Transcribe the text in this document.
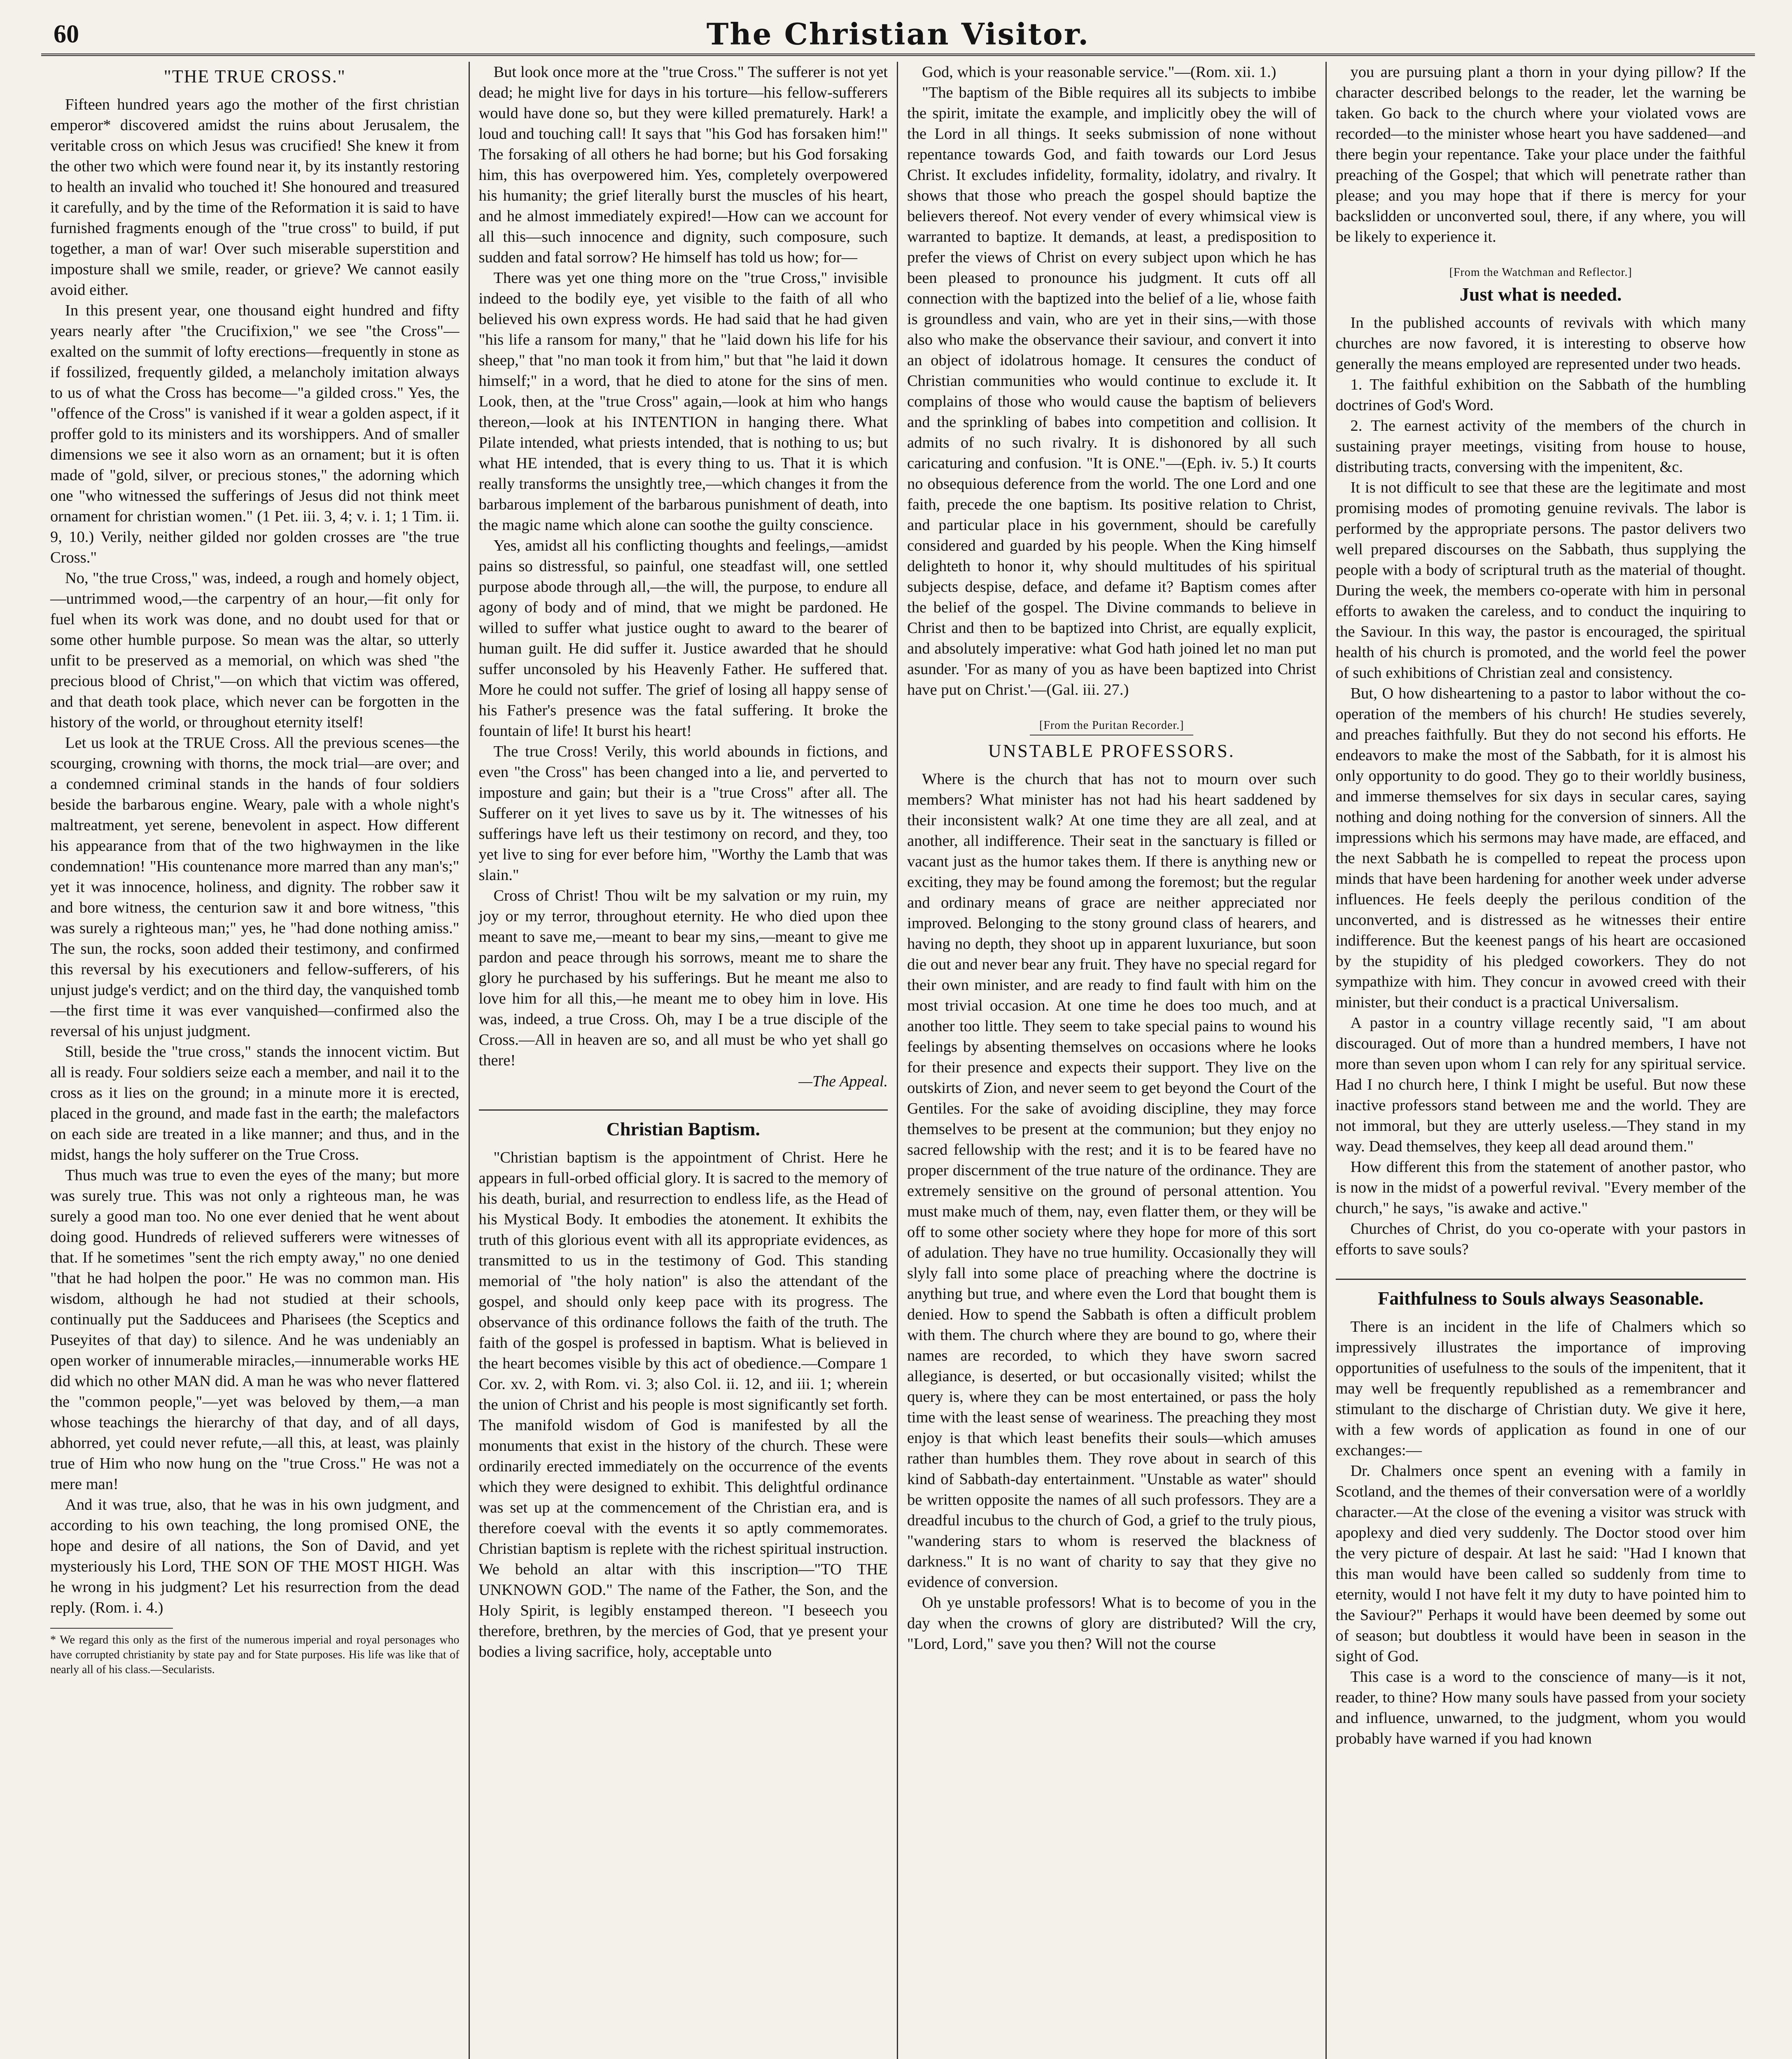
60	The Christian Visitor.
"THE TRUE CROSS."

Fifteen hundred years ago the mother of the first christian emperor* discovered amidst the ruins about Jerusalem, the veritable cross on which Jesus was crucified! She knew it from the other two which were found near it, by its instantly restoring to health an invalid who touched it! She honoured and treasured it carefully, and by the time of the Reformation it is said to have furnished fragments enough of the "true cross" to build, if put together, a man of war! Over such miserable superstition and imposture shall we smile, reader, or grieve? We cannot easily avoid either.

In this present year, one thousand eight hundred and fifty years nearly after "the Crucifixion," we see "the Cross"—exalted on the summit of lofty erections—frequently in stone as if fossilized, frequently gilded, a melancholy imitation always to us of what the Cross has become—"a gilded cross." Yes, the "offence of the Cross" is vanished if it wear a golden aspect, if it proffer gold to its ministers and its worshippers. And of smaller dimensions we see it also worn as an ornament; but it is often made of "gold, silver, or precious stones," the adorning which one "who witnessed the sufferings of Jesus did not think meet ornament for christian women." (1 Pet. iii. 3, 4; v. i. 1; 1 Tim. ii. 9, 10.) Verily, neither gilded nor golden crosses are "the true Cross."

No, "the true Cross," was, indeed, a rough and homely object,—untrimmed wood,—the carpentry of an hour,—fit only for fuel when its work was done, and no doubt used for that or some other humble purpose. So mean was the altar, so utterly unfit to be preserved as a memorial, on which was shed "the precious blood of Christ,"—on which that victim was offered, and that death took place, which never can be forgotten in the history of the world, or throughout eternity itself!

Let us look at the TRUE Cross. All the previous scenes—the scourging, crowning with thorns, the mock trial—are over; and a condemned criminal stands in the hands of four soldiers beside the barbarous engine. Weary, pale with a whole night's maltreatment, yet serene, benevolent in aspect. How different his appearance from that of the two highwaymen in the like condemnation! "His countenance more marred than any man's;" yet it was innocence, holiness, and dignity. The robber saw it and bore witness, the centurion saw it and bore witness, "this was surely a righteous man;" yes, he "had done nothing amiss." The sun, the rocks, soon added their testimony, and confirmed this reversal by his executioners and fellow-sufferers, of his unjust judge's verdict; and on the third day, the vanquished tomb—the first time it was ever vanquished—confirmed also the reversal of his unjust judgment.

Still, beside the "true cross," stands the innocent victim. But all is ready. Four soldiers seize each a member, and nail it to the cross as it lies on the ground; in a minute more it is erected, placed in the ground, and made fast in the earth; the malefactors on each side are treated in a like manner; and thus, and in the midst, hangs the holy sufferer on the True Cross.

Thus much was true to even the eyes of the many; but more was surely true. This was not only a righteous man, he was surely a good man too. No one ever denied that he went about doing good. Hundreds of relieved sufferers were witnesses of that. If he sometimes "sent the rich empty away," no one denied "that he had holpen the poor." He was no common man. His wisdom, although he had not studied at their schools, continually put the Sadducees and Pharisees (the Sceptics and Puseyites of that day) to silence. And he was undeniably an open worker of innumerable miracles,—innumerable works HE did which no other MAN did. A man he was who never flattered the "common people,"—yet was beloved by them,—a man whose teachings the hierarchy of that day, and of all days, abhorred, yet could never refute,—all this, at least, was plainly true of Him who now hung on the "true Cross." He was not a mere man!

And it was true, also, that he was in his own judgment, and according to his own teaching, the long promised ONE, the hope and desire of all nations, the Son of David, and yet mysteriously his Lord, THE SON OF THE MOST HIGH. Was he wrong in his judgment? Let his resurrection from the dead reply. (Rom. i. 4.)

* We regard this only as the first of the numerous imperial and royal personages who have corrupted christianity by state pay and for State purposes. His life was like that of nearly all of his class.—Secularists.

But look once more at the "true Cross." The sufferer is not yet dead; he might live for days in his torture—his fellow-sufferers would have done so, but they were killed prematurely. Hark! a loud and touching call! It says that "his God has forsaken him!" The forsaking of all others he had borne; but his God forsaking him, this has overpowered him. Yes, completely overpowered his humanity; the grief literally burst the muscles of his heart, and he almost immediately expired!—How can we account for all this—such innocence and dignity, such composure, such sudden and fatal sorrow? He himself has told us how; for—

There was yet one thing more on the "true Cross," invisible indeed to the bodily eye, yet visible to the faith of all who believed his own express words. He had said that he had given "his life a ransom for many," that he "laid down his life for his sheep," that "no man took it from him," but that "he laid it down himself;" in a word, that he died to atone for the sins of men. Look, then, at the "true Cross" again,—look at him who hangs thereon,—look at his INTENTION in hanging there. What Pilate intended, what priests intended, that is nothing to us; but what HE intended, that is every thing to us. That it is which really transforms the unsightly tree,—which changes it from the barbarous implement of the barbarous punishment of death, into the magic name which alone can soothe the guilty conscience.

Yes, amidst all his conflicting thoughts and feelings,—amidst pains so distressful, so painful, one steadfast will, one settled purpose abode through all,—the will, the purpose, to endure all agony of body and of mind, that we might be pardoned. He willed to suffer what justice ought to award to the bearer of human guilt. He did suffer it. Justice awarded that he should suffer unconsoled by his Heavenly Father. He suffered that. More he could not suffer. The grief of losing all happy sense of his Father's presence was the fatal suffering. It broke the fountain of life! It burst his heart!

The true Cross! Verily, this world abounds in fictions, and even "the Cross" has been changed into a lie, and perverted to imposture and gain; but their is a "true Cross" after all. The Sufferer on it yet lives to save us by it. The witnesses of his sufferings have left us their testimony on record, and they, too yet live to sing for ever before him, "Worthy the Lamb that was slain."

Cross of Christ! Thou wilt be my salvation or my ruin, my joy or my terror, throughout eternity. He who died upon thee meant to save me,—meant to bear my sins,—meant to give me pardon and peace through his sorrows, meant me to share the glory he purchased by his sufferings. But he meant me also to love him for all this,—he meant me to obey him in love. His was, indeed, a true Cross. Oh, may I be a true disciple of the Cross.—All in heaven are so, and all must be who yet shall go there!

—The Appeal.
Christian Baptism.

"Christian baptism is the appointment of Christ. Here he appears in full-orbed official glory. It is sacred to the memory of his death, burial, and resurrection to endless life, as the Head of his Mystical Body. It embodies the atonement. It exhibits the truth of this glorious event with all its appropriate evidences, as transmitted to us in the testimony of God. This standing memorial of "the holy nation" is also the attendant of the gospel, and should only keep pace with its progress. The observance of this ordinance follows the faith of the truth. The faith of the gospel is professed in baptism. What is believed in the heart becomes visible by this act of obedience.—Compare 1 Cor. xv. 2, with Rom. vi. 3; also Col. ii. 12, and iii. 1; wherein the union of Christ and his people is most significantly set forth. The manifold wisdom of God is manifested by all the monuments that exist in the history of the church. These were ordinarily erected immediately on the occurrence of the events which they were designed to exhibit. This delightful ordinance was set up at the commencement of the Christian era, and is therefore coeval with the events it so aptly commemorates. Christian baptism is replete with the richest spiritual instruction. We behold an altar with this inscription—"TO THE UNKNOWN GOD." The name of the Father, the Son, and the Holy Spirit, is legibly enstamped thereon. "I beseech you therefore, brethren, by the mercies of God, that ye present your bodies a living sacrifice, holy, acceptable unto

God, which is your reasonable service."—(Rom. xii. 1.)

"The baptism of the Bible requires all its subjects to imbibe the spirit, imitate the example, and implicitly obey the will of the Lord in all things. It seeks submission of none without repentance towards God, and faith towards our Lord Jesus Christ. It excludes infidelity, formality, idolatry, and rivalry. It shows that those who preach the gospel should baptize the believers thereof. Not every vender of every whimsical view is warranted to baptize. It demands, at least, a predisposition to prefer the views of Christ on every subject upon which he has been pleased to pronounce his judgment. It cuts off all connection with the baptized into the belief of a lie, whose faith is groundless and vain, who are yet in their sins,—with those also who make the observance their saviour, and convert it into an object of idolatrous homage. It censures the conduct of Christian communities who would continue to exclude it. It complains of those who would cause the baptism of believers and the sprinkling of babes into competition and collision. It admits of no such rivalry. It is dishonored by all such caricaturing and confusion. "It is ONE."—(Eph. iv. 5.) It courts no obsequious deference from the world. The one Lord and one faith, precede the one baptism. Its positive relation to Christ, and particular place in his government, should be carefully considered and guarded by his people. When the King himself delighteth to honor it, why should multitudes of his spiritual subjects despise, deface, and defame it? Baptism comes after the belief of the gospel. The Divine commands to believe in Christ and then to be baptized into Christ, are equally explicit, and absolutely imperative: what God hath joined let no man put asunder. 'For as many of you as have been baptized into Christ have put on Christ.'—(Gal. iii. 27.)

[From the Puritan Recorder.]
UNSTABLE PROFESSORS.

Where is the church that has not to mourn over such members? What minister has not had his heart saddened by their inconsistent walk? At one time they are all zeal, and at another, all indifference. Their seat in the sanctuary is filled or vacant just as the humor takes them. If there is anything new or exciting, they may be found among the foremost; but the regular and ordinary means of grace are neither appreciated nor improved. Belonging to the stony ground class of hearers, and having no depth, they shoot up in apparent luxuriance, but soon die out and never bear any fruit. They have no special regard for their own minister, and are ready to find fault with him on the most trivial occasion. At one time he does too much, and at another too little. They seem to take special pains to wound his feelings by absenting themselves on occasions where he looks for their presence and expects their support. They live on the outskirts of Zion, and never seem to get beyond the Court of the Gentiles. For the sake of avoiding discipline, they may force themselves to be present at the communion; but they enjoy no sacred fellowship with the rest; and it is to be feared have no proper discernment of the true nature of the ordinance. They are extremely sensitive on the ground of personal attention. You must make much of them, nay, even flatter them, or they will be off to some other society where they hope for more of this sort of adulation. They have no true humility. Occasionally they will slyly fall into some place of preaching where the doctrine is anything but true, and where even the Lord that bought them is denied. How to spend the Sabbath is often a difficult problem with them. The church where they are bound to go, where their names are recorded, to which they have sworn sacred allegiance, is deserted, or but occasionally visited; whilst the query is, where they can be most entertained, or pass the holy time with the least sense of weariness. The preaching they most enjoy is that which least benefits their souls—which amuses rather than humbles them. They rove about in search of this kind of Sabbath-day entertainment. "Unstable as water" should be written opposite the names of all such professors. They are a dreadful incubus to the church of God, a grief to the truly pious, "wandering stars to whom is reserved the blackness of darkness." It is no want of charity to say that they give no evidence of conversion.

Oh ye unstable professors! What is to become of you in the day when the crowns of glory are distributed? Will the cry, "Lord, Lord," save you then? Will not the course

you are pursuing plant a thorn in your dying pillow? If the character described belongs to the reader, let the warning be taken. Go back to the church where your violated vows are recorded—to the minister whose heart you have saddened—and there begin your repentance. Take your place under the faithful preaching of the Gospel; that which will penetrate rather than please; and you may hope that if there is mercy for your backslidden or unconverted soul, there, if any where, you will be likely to experience it.

[From the Watchman and Reflector.]
Just what is needed.

In the published accounts of revivals with which many churches are now favored, it is interesting to observe how generally the means employed are represented under two heads.

1. The faithful exhibition on the Sabbath of the humbling doctrines of God's Word.

2. The earnest activity of the members of the church in sustaining prayer meetings, visiting from house to house, distributing tracts, conversing with the impenitent, &c.

It is not difficult to see that these are the legitimate and most promising modes of promoting genuine revivals. The labor is performed by the appropriate persons. The pastor delivers two well prepared discourses on the Sabbath, thus supplying the people with a body of scriptural truth as the material of thought. During the week, the members co-operate with him in personal efforts to awaken the careless, and to conduct the inquiring to the Saviour. In this way, the pastor is encouraged, the spiritual health of his church is promoted, and the world feel the power of such exhibitions of Christian zeal and consistency.

But, O how disheartening to a pastor to labor without the co-operation of the members of his church! He studies severely, and preaches faithfully. But they do not second his efforts. He endeavors to make the most of the Sabbath, for it is almost his only opportunity to do good. They go to their worldly business, and immerse themselves for six days in secular cares, saying nothing and doing nothing for the conversion of sinners. All the impressions which his sermons may have made, are effaced, and the next Sabbath he is compelled to repeat the process upon minds that have been hardening for another week under adverse influences. He feels deeply the perilous condition of the unconverted, and is distressed as he witnesses their entire indifference. But the keenest pangs of his heart are occasioned by the stupidity of his pledged coworkers. They do not sympathize with him. They concur in avowed creed with their minister, but their conduct is a practical Universalism.

A pastor in a country village recently said, "I am about discouraged. Out of more than a hundred members, I have not more than seven upon whom I can rely for any spiritual service. Had I no church here, I think I might be useful. But now these inactive professors stand between me and the world. They are not immoral, but they are utterly useless.—They stand in my way. Dead themselves, they keep all dead around them."

How different this from the statement of another pastor, who is now in the midst of a powerful revival. "Every member of the church," he says, "is awake and active."

Churches of Christ, do you co-operate with your pastors in efforts to save souls?

Faithfulness to Souls always Seasonable.

There is an incident in the life of Chalmers which so impressively illustrates the importance of improving opportunities of usefulness to the souls of the impenitent, that it may well be frequently republished as a remembrancer and stimulant to the discharge of Christian duty. We give it here, with a few words of application as found in one of our exchanges:—

Dr. Chalmers once spent an evening with a family in Scotland, and the themes of their conversation were of a worldly character.—At the close of the evening a visitor was struck with apoplexy and died very suddenly. The Doctor stood over him the very picture of despair. At last he said: "Had I known that this man would have been called so suddenly from time to eternity, would I not have felt it my duty to have pointed him to the Saviour?" Perhaps it would have been deemed by some out of season; but doubtless it would have been in season in the sight of God.

This case is a word to the conscience of many—is it not, reader, to thine? How many souls have passed from your society and influence, unwarned, to the judgment, whom you would probably have warned if you had known
